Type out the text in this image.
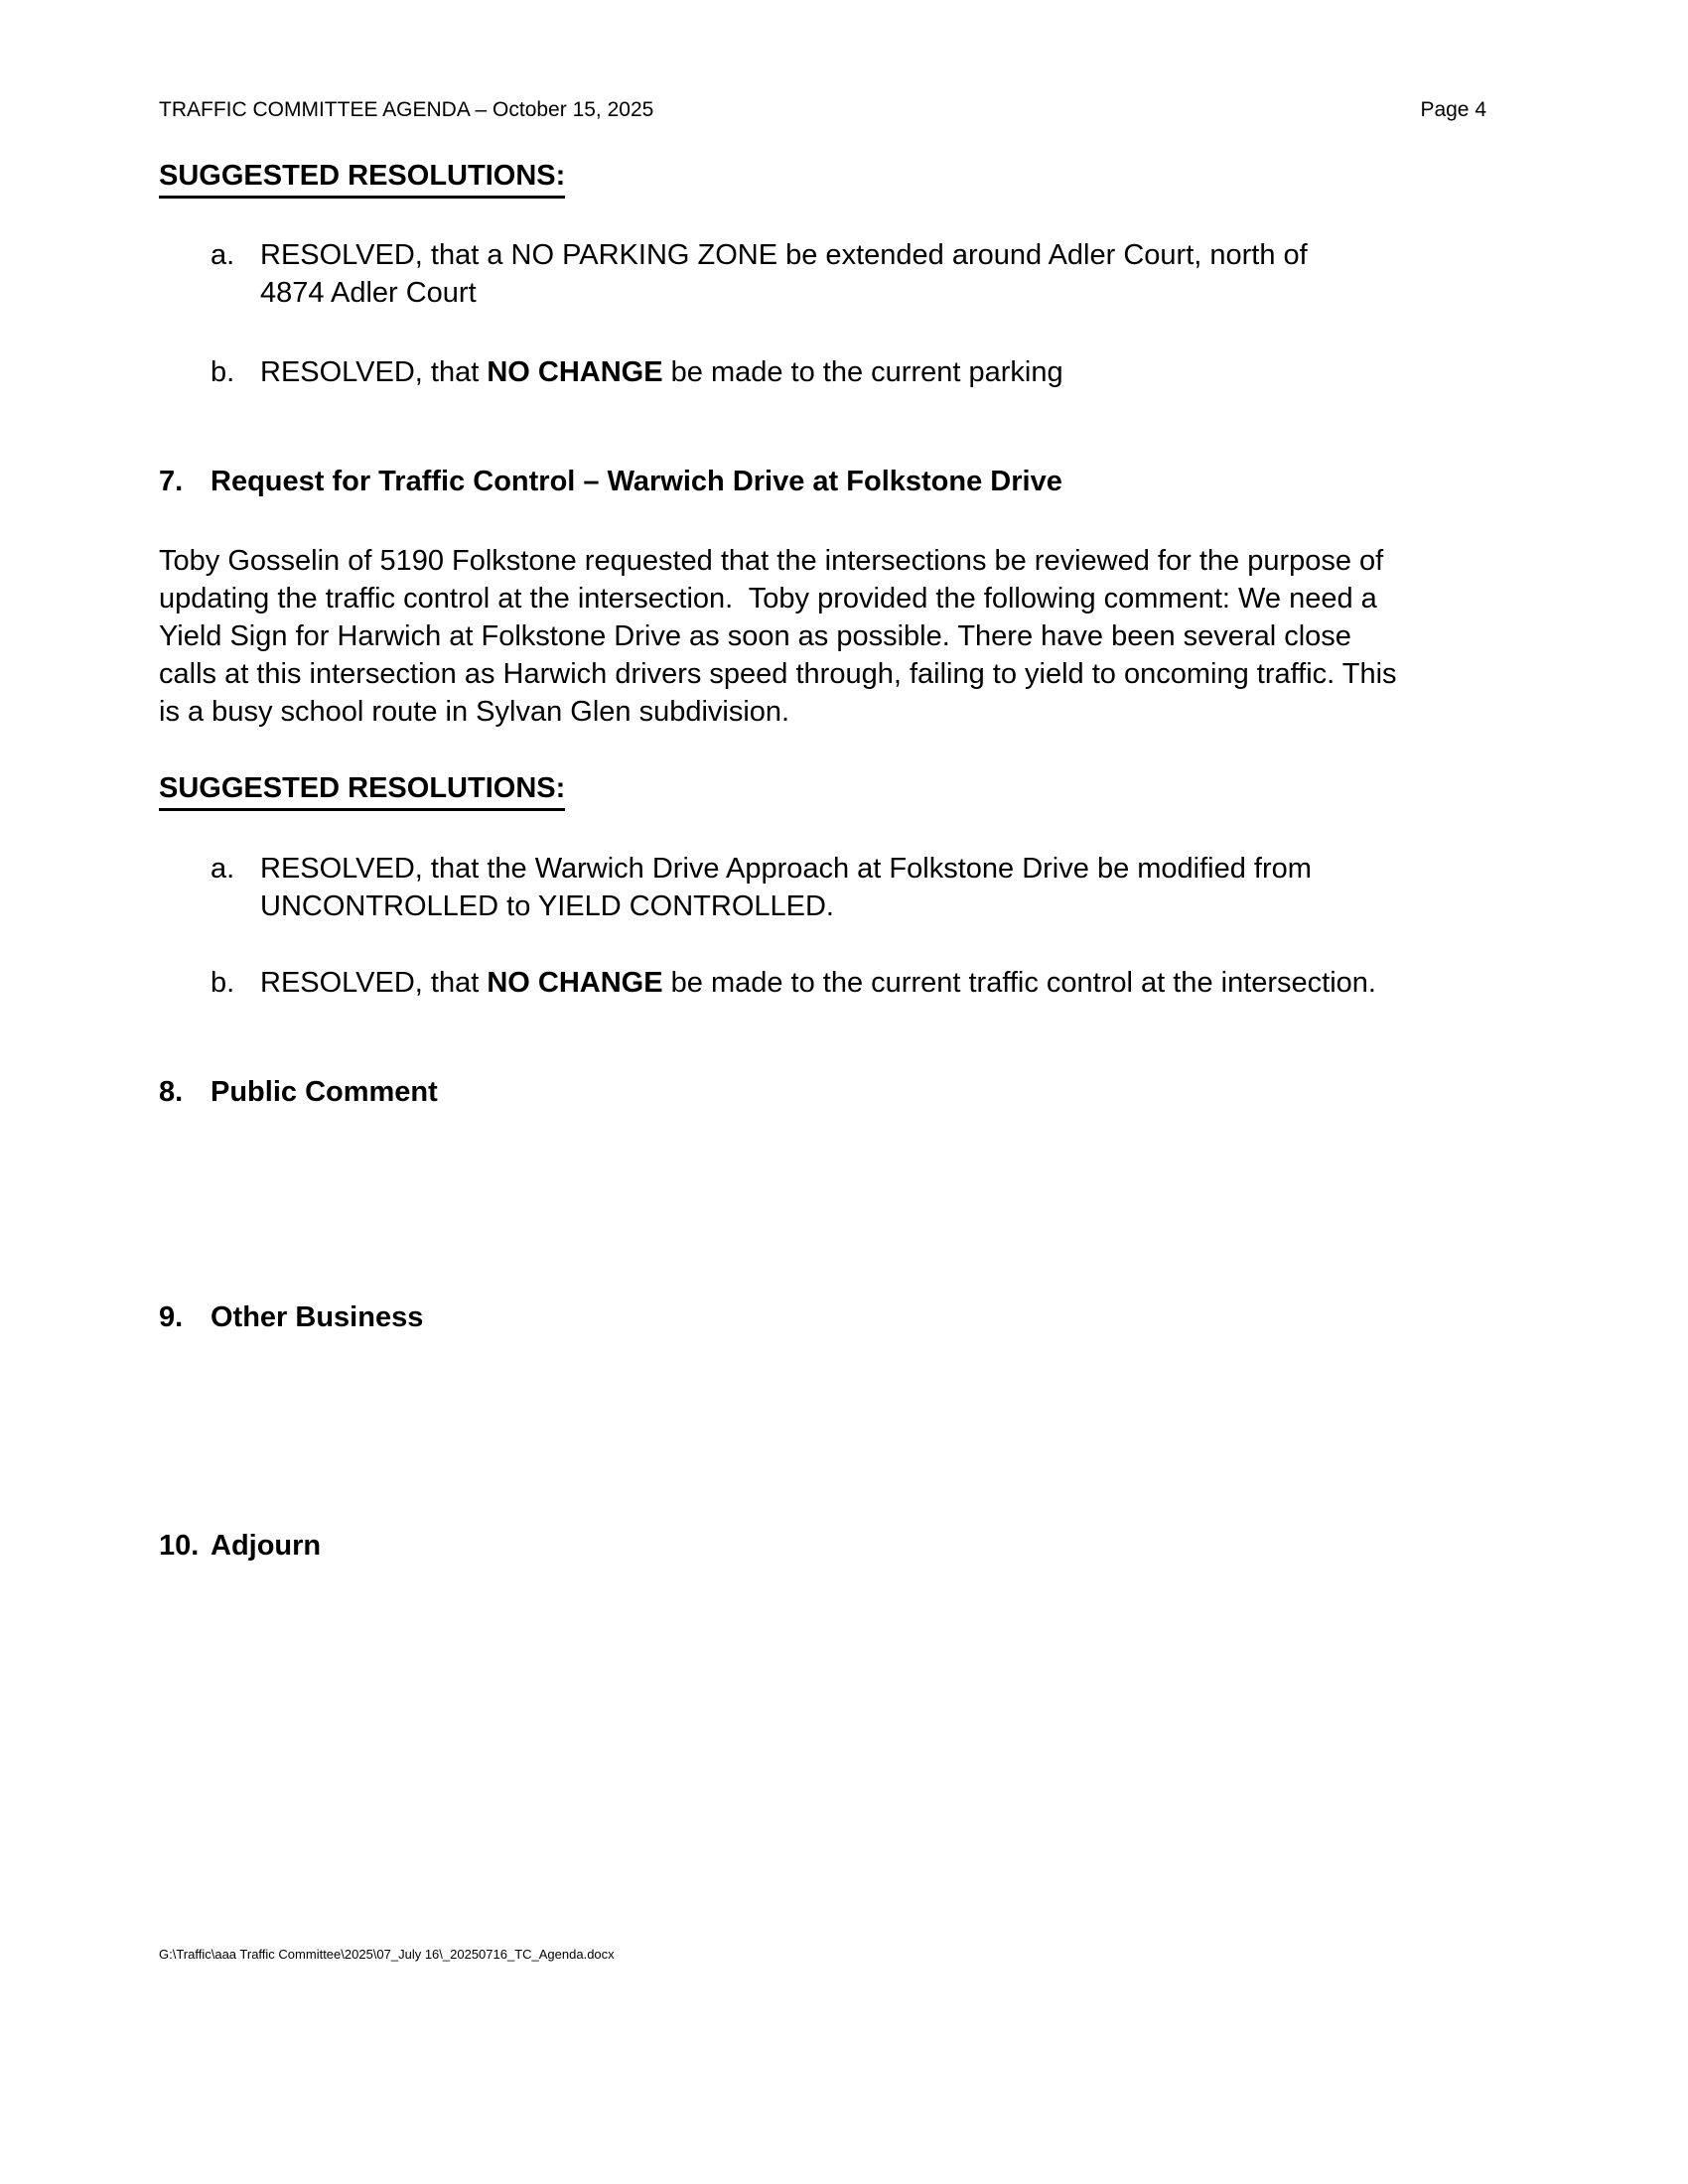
TRAFFIC COMMITTEE AGENDA – October 15, 2025	Page 4
SUGGESTED RESOLUTIONS:
a. RESOLVED, that a NO PARKING ZONE be extended around Adler Court, north of
4874 Adler Court
b. RESOLVED, that NO CHANGE be made to the current parking
7. Request for Traffic Control – Warwich Drive at Folkstone Drive
Toby Gosselin of 5190 Folkstone requested that the intersections be reviewed for the purpose of
updating the traffic control at the intersection.  Toby provided the following comment: We need a
Yield Sign for Harwich at Folkstone Drive as soon as possible. There have been several close
calls at this intersection as Harwich drivers speed through, failing to yield to oncoming traffic. This
is a busy school route in Sylvan Glen subdivision.
SUGGESTED RESOLUTIONS:
a. RESOLVED, that the Warwich Drive Approach at Folkstone Drive be modified from
UNCONTROLLED to YIELD CONTROLLED.
b. RESOLVED, that NO CHANGE be made to the current traffic control at the intersection.
8. Public Comment
9. Other Business
10. Adjourn
G:\Traffic\aaa Traffic Committee\2025\07_July 16\_20250716_TC_Agenda.docx
